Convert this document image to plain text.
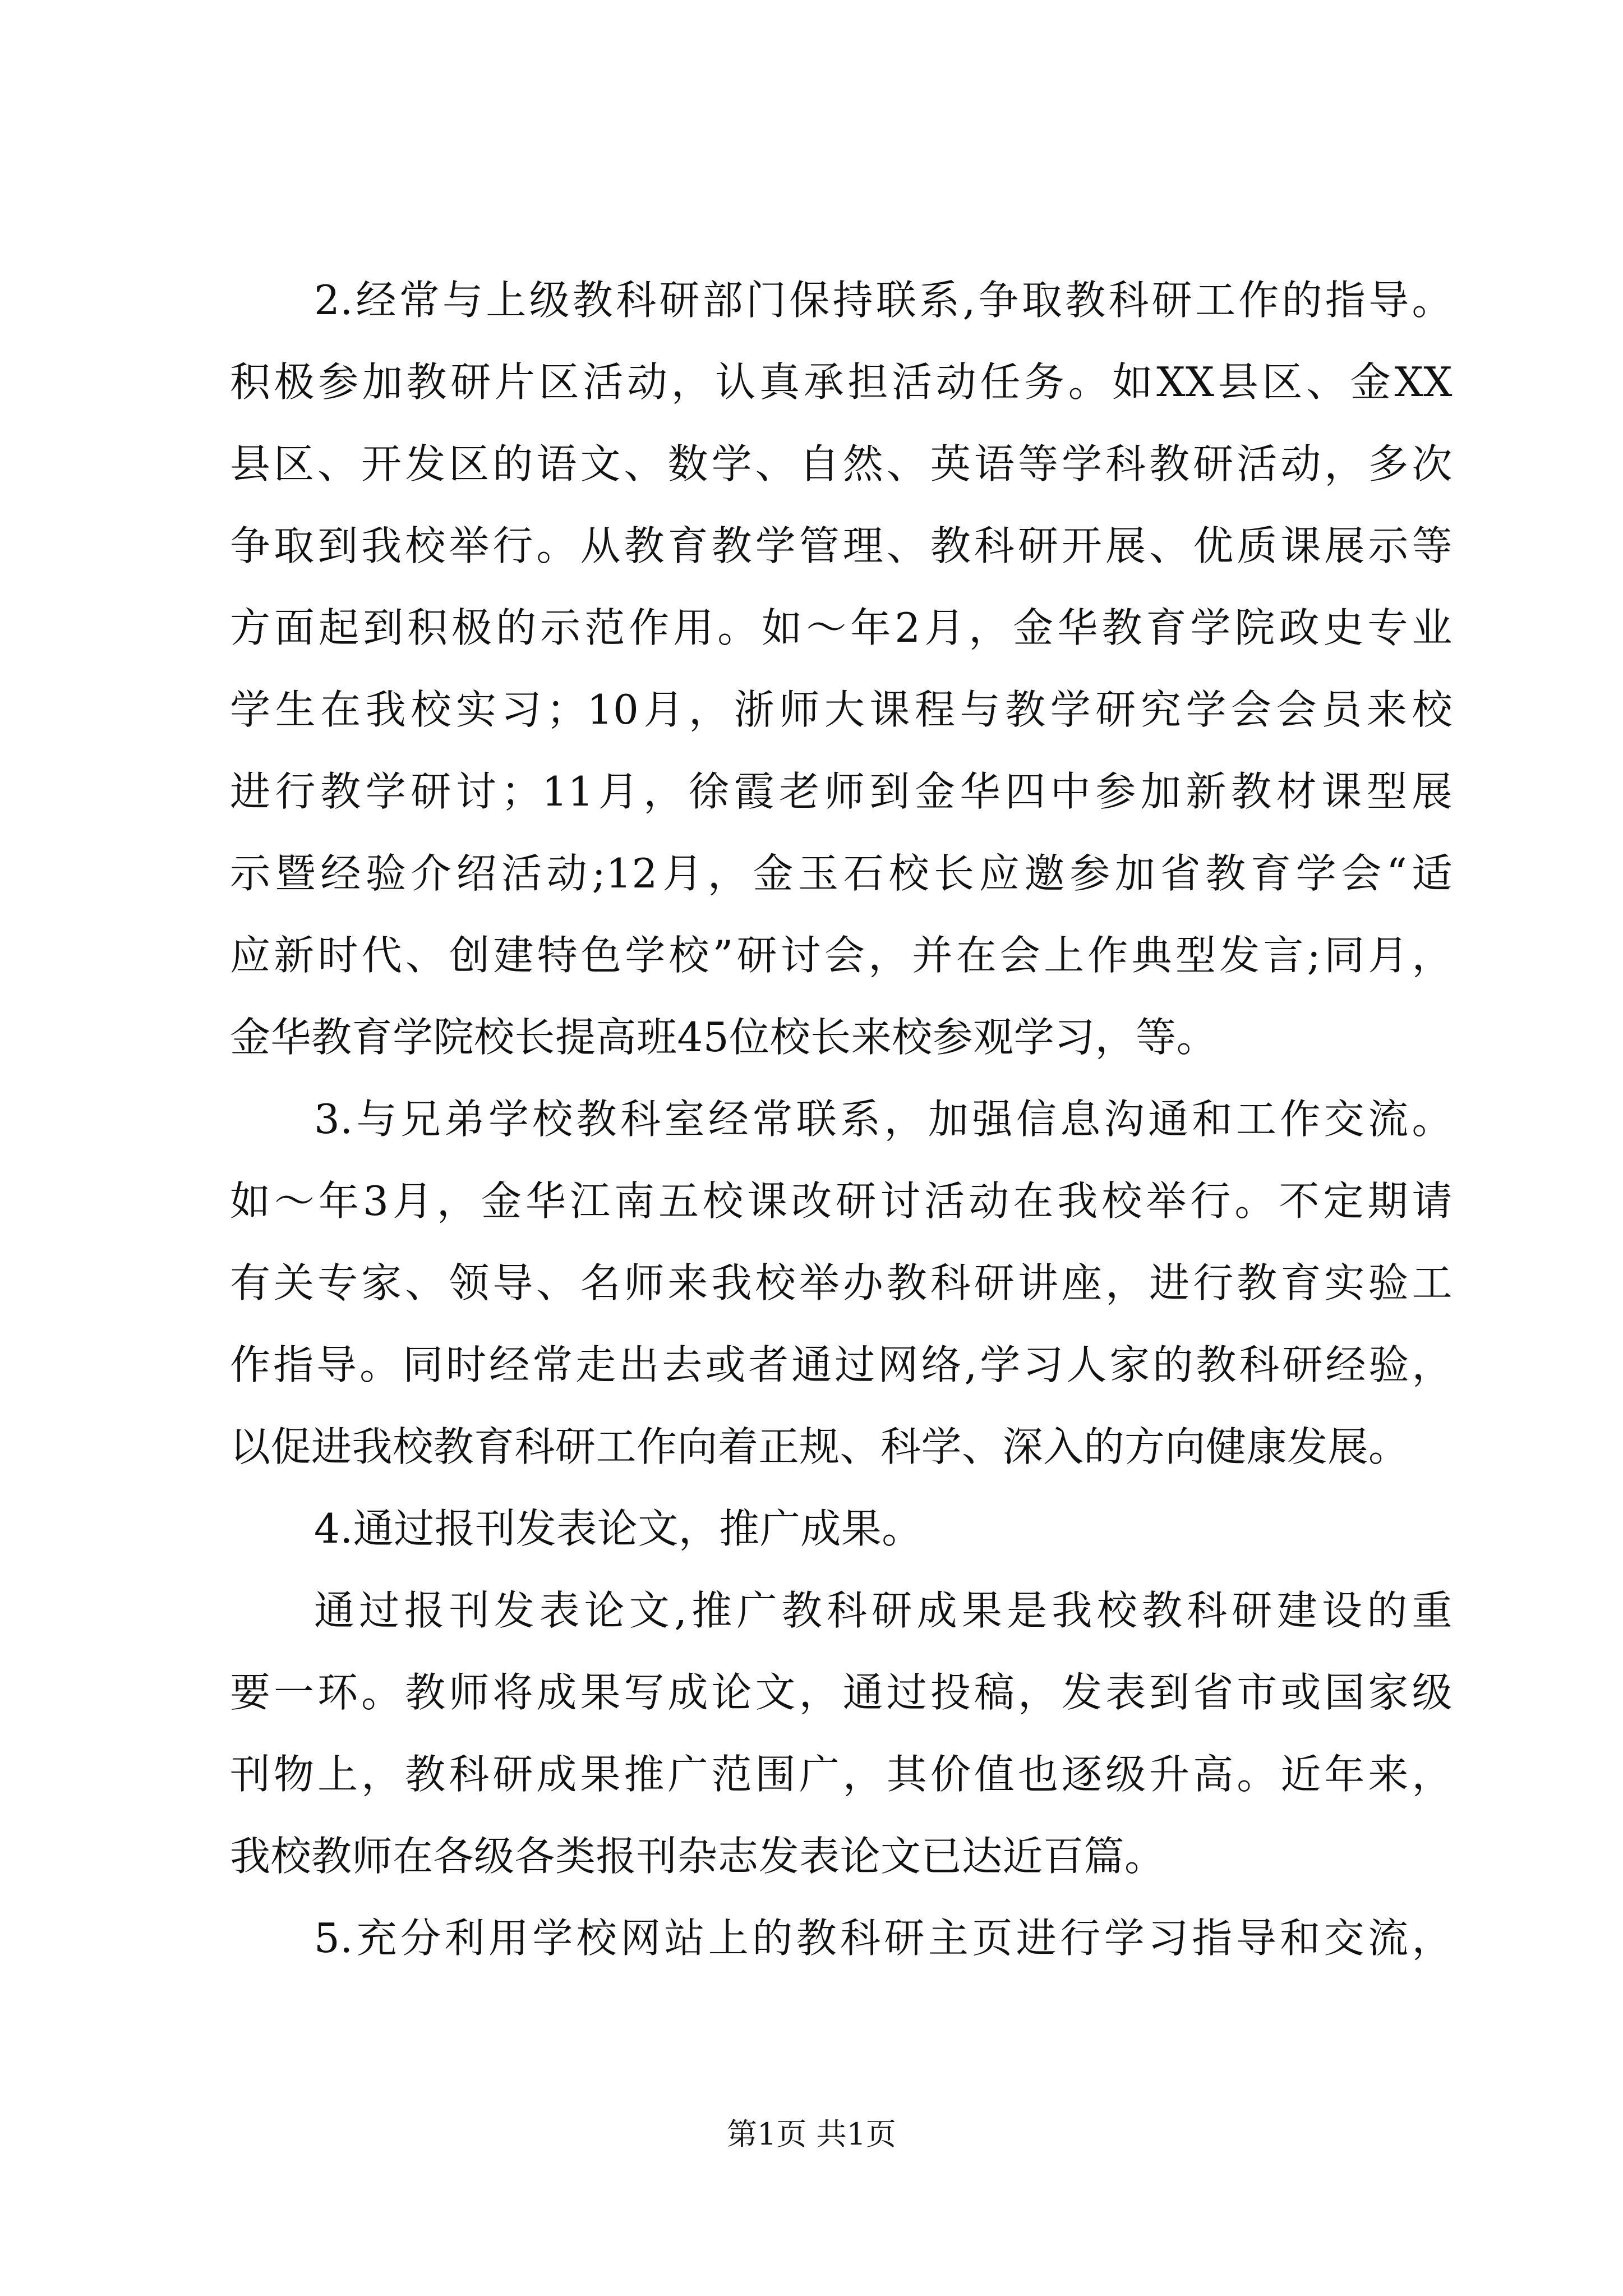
2.经常与上级教科研部门保持联系,争取教科研工作的指导。
积极参加教研片区活动，认真承担活动任务。如XX县区、金XX
县区、开发区的语文、数学、自然、英语等学科教研活动，多次
争取到我校举行。从教育教学管理、教科研开展、优质课展示等
方面起到积极的示范作用。如～年2月，金华教育学院政史专业
学生在我校实习；10月，浙师大课程与教学研究学会会员来校
进行教学研讨；11月，徐霞老师到金华四中参加新教材课型展
示暨经验介绍活动;12月，金玉石校长应邀参加省教育学会“适
应新时代、创建特色学校”研讨会，并在会上作典型发言;同月，
金华教育学院校长提高班45位校长来校参观学习，等。
3.与兄弟学校教科室经常联系，加强信息沟通和工作交流。
如～年3月，金华江南五校课改研讨活动在我校举行。不定期请
有关专家、领导、名师来我校举办教科研讲座，进行教育实验工
作指导。同时经常走出去或者通过网络,学习人家的教科研经验，
以促进我校教育科研工作向着正规、科学、深入的方向健康发展。
4.通过报刊发表论文，推广成果。
通过报刊发表论文,推广教科研成果是我校教科研建设的重
要一环。教师将成果写成论文，通过投稿，发表到省市或国家级
刊物上，教科研成果推广范围广，其价值也逐级升高。近年来，
我校教师在各级各类报刊杂志发表论文已达近百篇。
5.充分利用学校网站上的教科研主页进行学习指导和交流，
第1页 共1页
